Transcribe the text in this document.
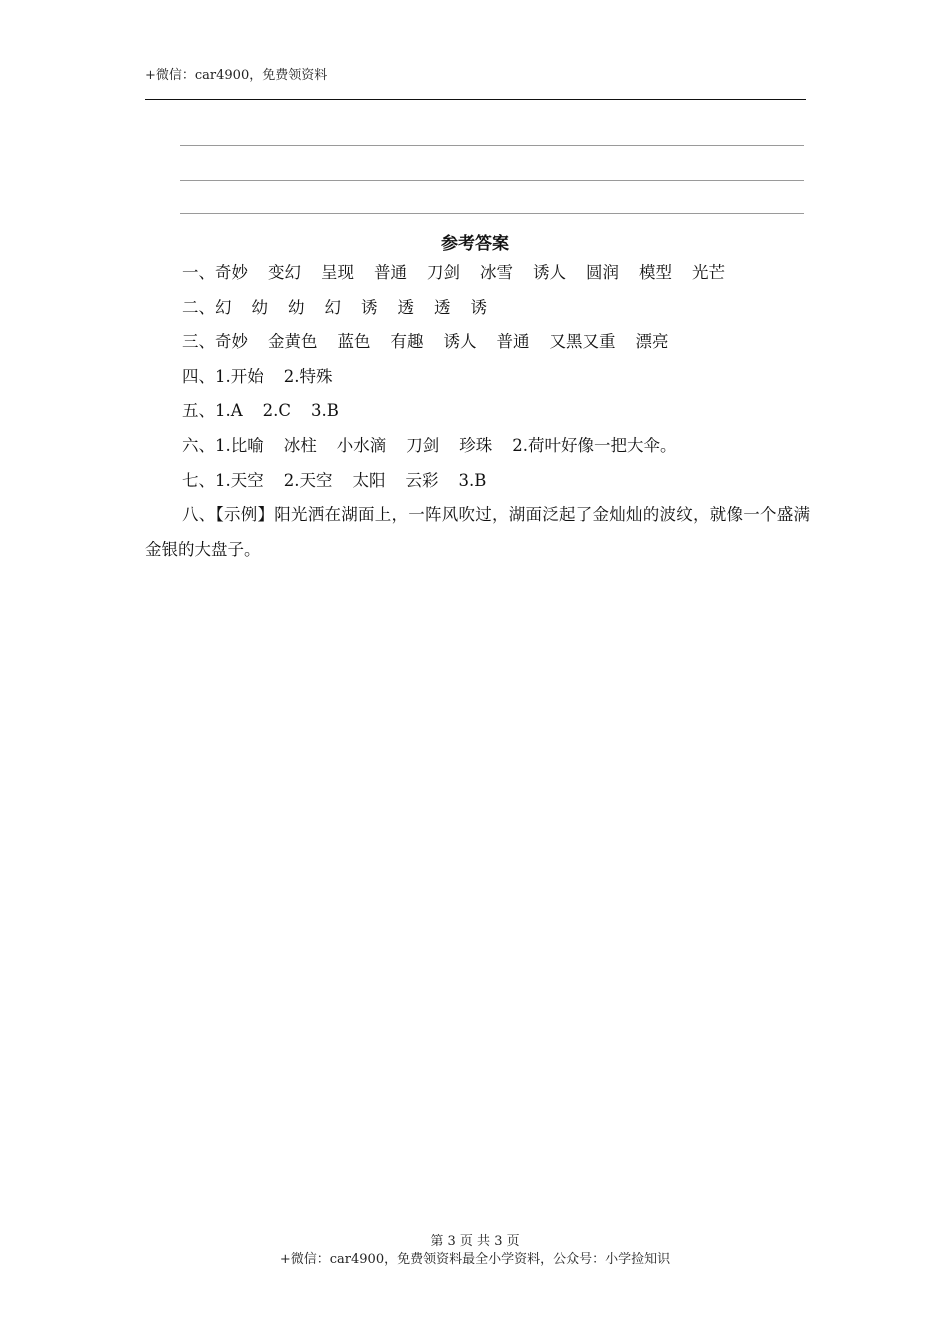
+微信：car4900，免费领资料
参考答案
一、奇妙 变幻 呈现 普通 刀剑 冰雪 诱人 圆润 模型 光芒
二、幻 幼 幼 幻 诱 透 透 诱
三、奇妙 金黄色 蓝色 有趣 诱人 普通 又黑又重 漂亮
四、1.开始 2.特殊
五、1.A 2.C 3.B
六、1.比喻 冰柱 小水滴 刀剑 珍珠 2.荷叶好像一把大伞。
七、1.天空 2.天空 太阳 云彩 3.B

八、【示例】阳光洒在湖面上，一阵风吹过，湖面泛起了金灿灿的波纹，就像一个盛满金银的大盘子。

第 3 页 共 3 页
+微信：car4900，免费领资料最全小学资料，公众号：小学捡知识
